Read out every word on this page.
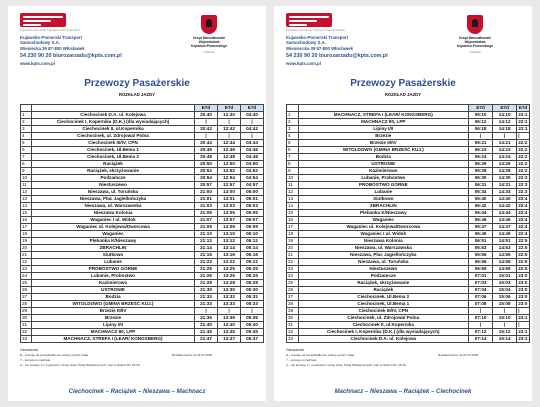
Kujawsko-Pomorski Transport Samochodowy
Kujawsko-Pomorski Transport
Samochodowy S.A.
Wieniecka 39 87-800 Włocławek
54 230 90 20 biurozarzadu@kpts.com.pl
www.kpts.com.pl
Urząd Marszałkowski
Województwa
Kujawsko-Pomorskiego
w Toruniu
Przewozy Pasażerskie
ROZKŁAD JAZDY
		E7d	E7d	E7d
1	Ciechocinek D.A. ul. Kolejowa	20:40	12:40	04:40
2	Ciechocinek I, Kopernika (D.K.) (dla wysiadających)	|	|	|
3	Ciechocinek II, ul.Kopernika	20:42	12:42	04:42
4	Ciechocinek, ul. Zdrojowa/ Polna	|	|	|
5	Ciechocinek III/IV, CPN	20:44	12:44	04:44
6	Ciechocinek, Ul.Bema 1	20:46	12:46	04:46
7	Ciechocinek, Ul.Bema 2	20:48	12:48	04:48
8	Raciążek	20:50	12:50	04:50
9	Raciążek, skrzyżowanie	20:52	12:52	04:52
10	Podzamcze	20:54	12:54	04:54
11	Niestuszewo	20:57	12:57	04:57
12	Nieszawa, ul. Toruńska	21:00	13:00	05:00
13	Nieszawa, Plac Jagiellończyka	21:01	13:01	05:01
14	Nieszawa, ul. Warszawska	21:03	13:03	05:03
15	Nieszawa Kolonia	21:05	13:05	05:05
16	Waganiec I ul. Widok	21:07	13:07	05:07
17	Waganiec ul. Kolejowa/Dworcowa	21:09	13:09	05:09
18	Waganiec	21:10	13:10	05:10
19	Plebanka K/Nieszawy	21:12	13:12	05:12
20	ZBRACHLIN	21:14	13:14	05:14
21	Siutkowo	21:16	13:16	05:16
22	Lubanie	21:22	13:22	05:22
23	PROBOSTWO GÓRNE	21:25	13:25	05:25
24	Lubanie, Probostwo	21:26	13:26	05:26
25	Kazimierowo	21:28	13:28	05:28
26	USTRONIE	21:30	13:30	05:30
27	Bodzia	21:32	13:32	05:32
28	WITOLDOWO (GMINA BRZEŚĆ KUJ.)	21:33	13:33	05:33
29	Brzezie III/IV	|	|	|
30	Brzezie	21:36	13:36	05:36
31	Lipiny I/II	21:40	13:40	05:40
32	MACHNACZ 80, LPP	21:45	13:45	05:45
33	MACHNACZ, STREFA I (LEAR/ KONGSBERG)	21:47	13:47	05:47
Oznaczenia:
E – kursuje od poniedziałku do soboty oprócz świąt
7 – kursuje w niedziele
d – nie kursuje 1.I, w pierwszy i drugi dzień Świąt Wielkanocnych oraz w dniach 25 i 26 XII
Rozkład ważny od 01.07.2025
Ciechocinek – Raciążek – Nieszawa – Machnacz
Kujawsko-Pomorski Transport Samochodowy
Kujawsko-Pomorski Transport
Samochodowy S.A.
Wienieccka 39 87-800 Włocławek
54 230 90 20 biurozarzadu@kpts.com.pl
www.kpts.com.pl
Urząd Marszałkowski
Województwa
Kujawsko-Pomorskiego
w Toruniu
Przewozy Pasażerskie
ROZKŁAD JAZDY
		E7d	E7d	E7d
1	MACHNACZ, STREFA I (LEAR/ KONGSBERG)	06:10	14:10	22:1
2	MACHNACZ 80, LPP	06:12	14:12	22:1
3	Lipiny I/II	06:18	14:18	22:1
4	Brzezie	|	|	|
5	Brzezie III/IV	06:21	14:21	22:2
6	WITOLDOWO (GMINA BRZEŚĆ KUJ.)	06:23	14:23	22:2
7	Bodzia	06:24	14:24	22:2
8	USTRONIE	06:26	14:26	22:2
9	Kazimierowo	06:28	14:28	22:2
10	Lubanie, Probostwo	06:30	14:30	22:3
11	PROBOSTWO GÓRNE	06:31	14:31	22:3
12	Lubanie	06:34	14:34	22:3
13	Siutkowo	06:40	14:40	22:4
14	ZBRACHLIN	06:42	14:42	22:4
15	Plebanka K/Nieszawy	06:44	14:44	22:4
16	Waganiec	06:46	14:46	22:4
17	Waganiec ul. Kolejowa/Dworcowa	06:47	14:47	22:4
18	Waganiec I ul. Widok	06:49	14:49	22:4
19	Nieszawa Kolonia	06:51	14:51	22:5
20	Nieszawa, ul. Warszawska	06:53	14:53	22:5
21	Nieszawa, Plac Jagiellończyka	06:55	14:55	22:5
22	Nieszawa, ul. Toruńska	06:56	14:56	22:5
23	Niestuszewo	06:59	14:59	22:5
24	Podzamcze	07:01	15:01	23:0
25	Raciążek, skrzyżowanie	07:03	15:03	23:0
26	Raciążek	07:04	15:04	23:0
27	Ciechocinek, Ul.Bema 2	07:06	15:06	23:0
28	Ciechocinek, Ul.Bema 1	07:08	15:08	23:0
29	Ciechocinek III/IV, CPN	|	|	|
30	Ciechocinek, ul. Zdrojowa/ Polna	07:10	15:10	23:1
31	Ciechocinek II, ul.Kopernika	|	|	|
32	Ciechocinek I, Kopernika (D.K.) (dla wysiadających)	07:12	15:12	23:1
33	Ciechocinek D.A. ul. Kolejowa	07:14	15:14	23:1
Oznaczenia:
E – kursuje od poniedziałku do soboty oprócz świąt
7 – kursuje w niedziele
d – nie kursuje 1.I, w pierwszy i drugi dzień Świąt Wielkanocnych oraz w dniach 25 i 26 XII
Rozkład ważny od 01.07.2025
Machnacz – Nieszawa – Raciążek – Ciechocinek
